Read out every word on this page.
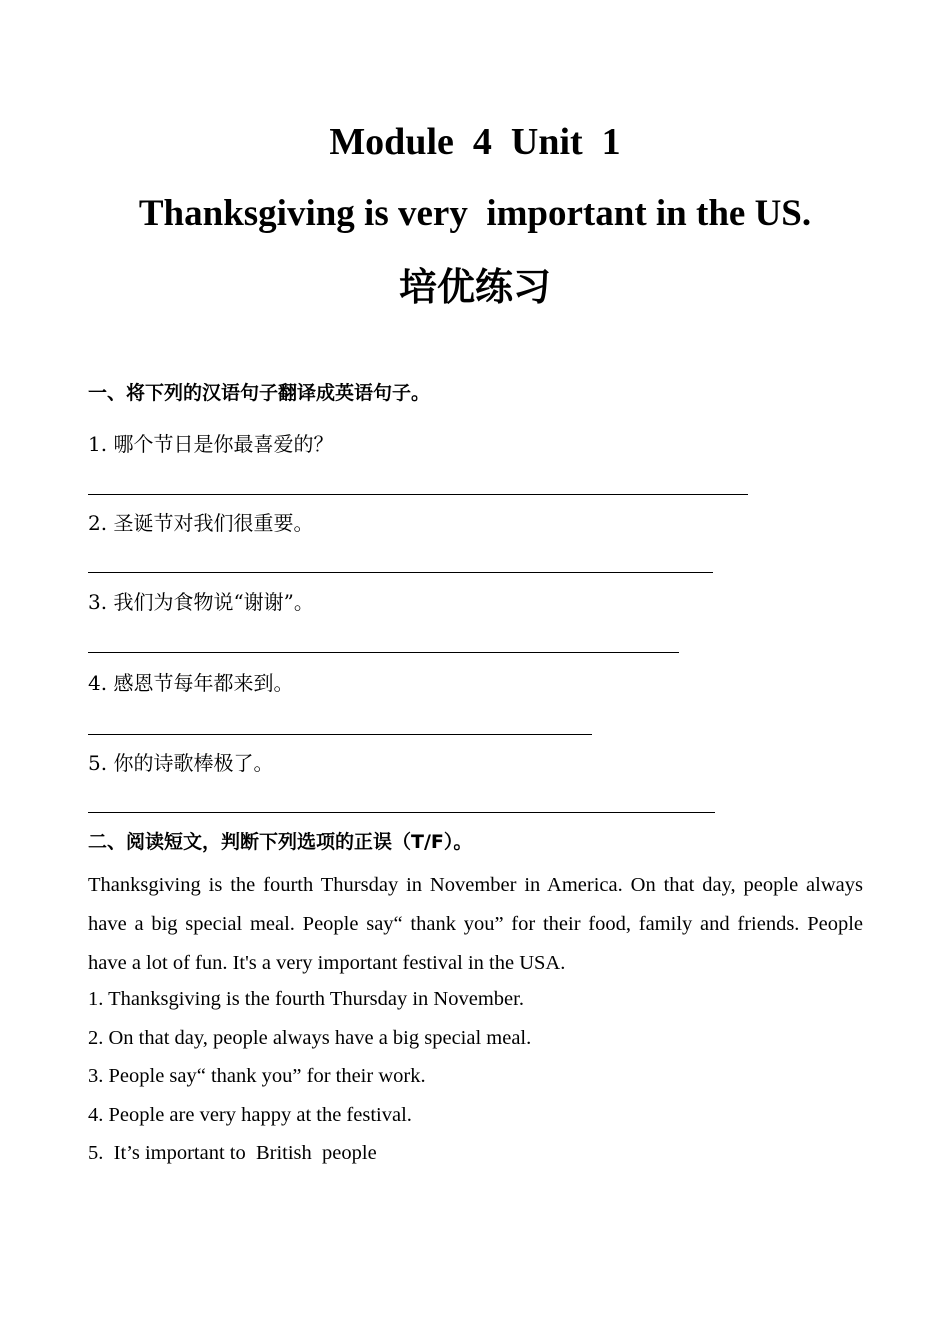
Module  4  Unit  1
Thanksgiving is very  important in the US.
培优练习
一、将下列的汉语句子翻译成英语句子。
1. 哪个节日是你最喜爱的？
2. 圣诞节对我们很重要。
3. 我们为食物说“谢谢”。
4. 感恩节每年都来到。
5. 你的诗歌棒极了。
二、阅读短文，判断下列选项的正误（T/F）。
Thanksgiving is the fourth Thursday in November in America. On that day, people always have a big special meal. People say“ thank you” for their food, family and friends. People have a lot of fun. It's a very important festival in the USA.
1. Thanksgiving is the fourth Thursday in November.
2. On that day, people always have a big special meal.
3. People say“ thank you” for their work.
4. People are very happy at the festival.
5.  It’s important to  British  people
